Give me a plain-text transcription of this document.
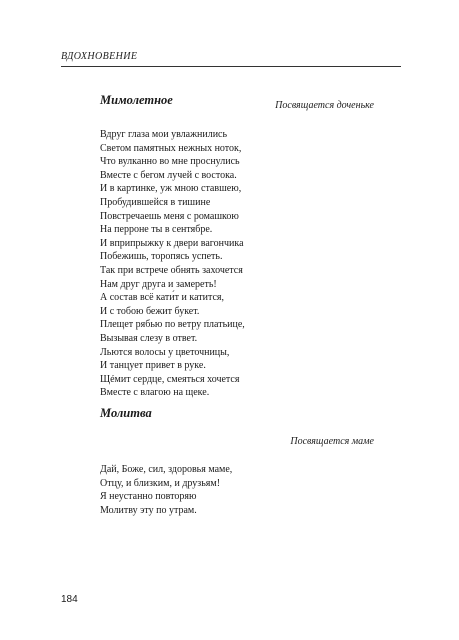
ВДОХНОВЕНИЕ
Мимолетное	Посвящается доченьке
Вдруг глаза мои увлажнились
Светом памятных нежных ноток,
Что вулканно во мне проснулись
Вместе с бегом лучей с востока.
И в картинке, уж мною ставшею,
Пробудившейся в тишине
Повстречаешь меня с ромашкою
На перроне ты в сентябре.
И вприпрыжку к двери вагончика
Побежишь, торопясь успеть.
Так при встрече обнять захочется
Нам друг друга и замереть!
А состав всё кати́т и катится,
И с тобою бежит букет.
Плещет рябью по ветру платьице,
Вызывая слезу в ответ.
Льются волосы у цветочницы,
И танцует привет в руке.
Щéмит сердце, смеяться хочется
Вместе с влагою на щеке.
Молитва
Посвящается маме
Дай, Боже, сил, здоровья маме,
Отцу, и близким, и друзьям!
Я неустанно повторяю
Молитву эту по утрам.
184
